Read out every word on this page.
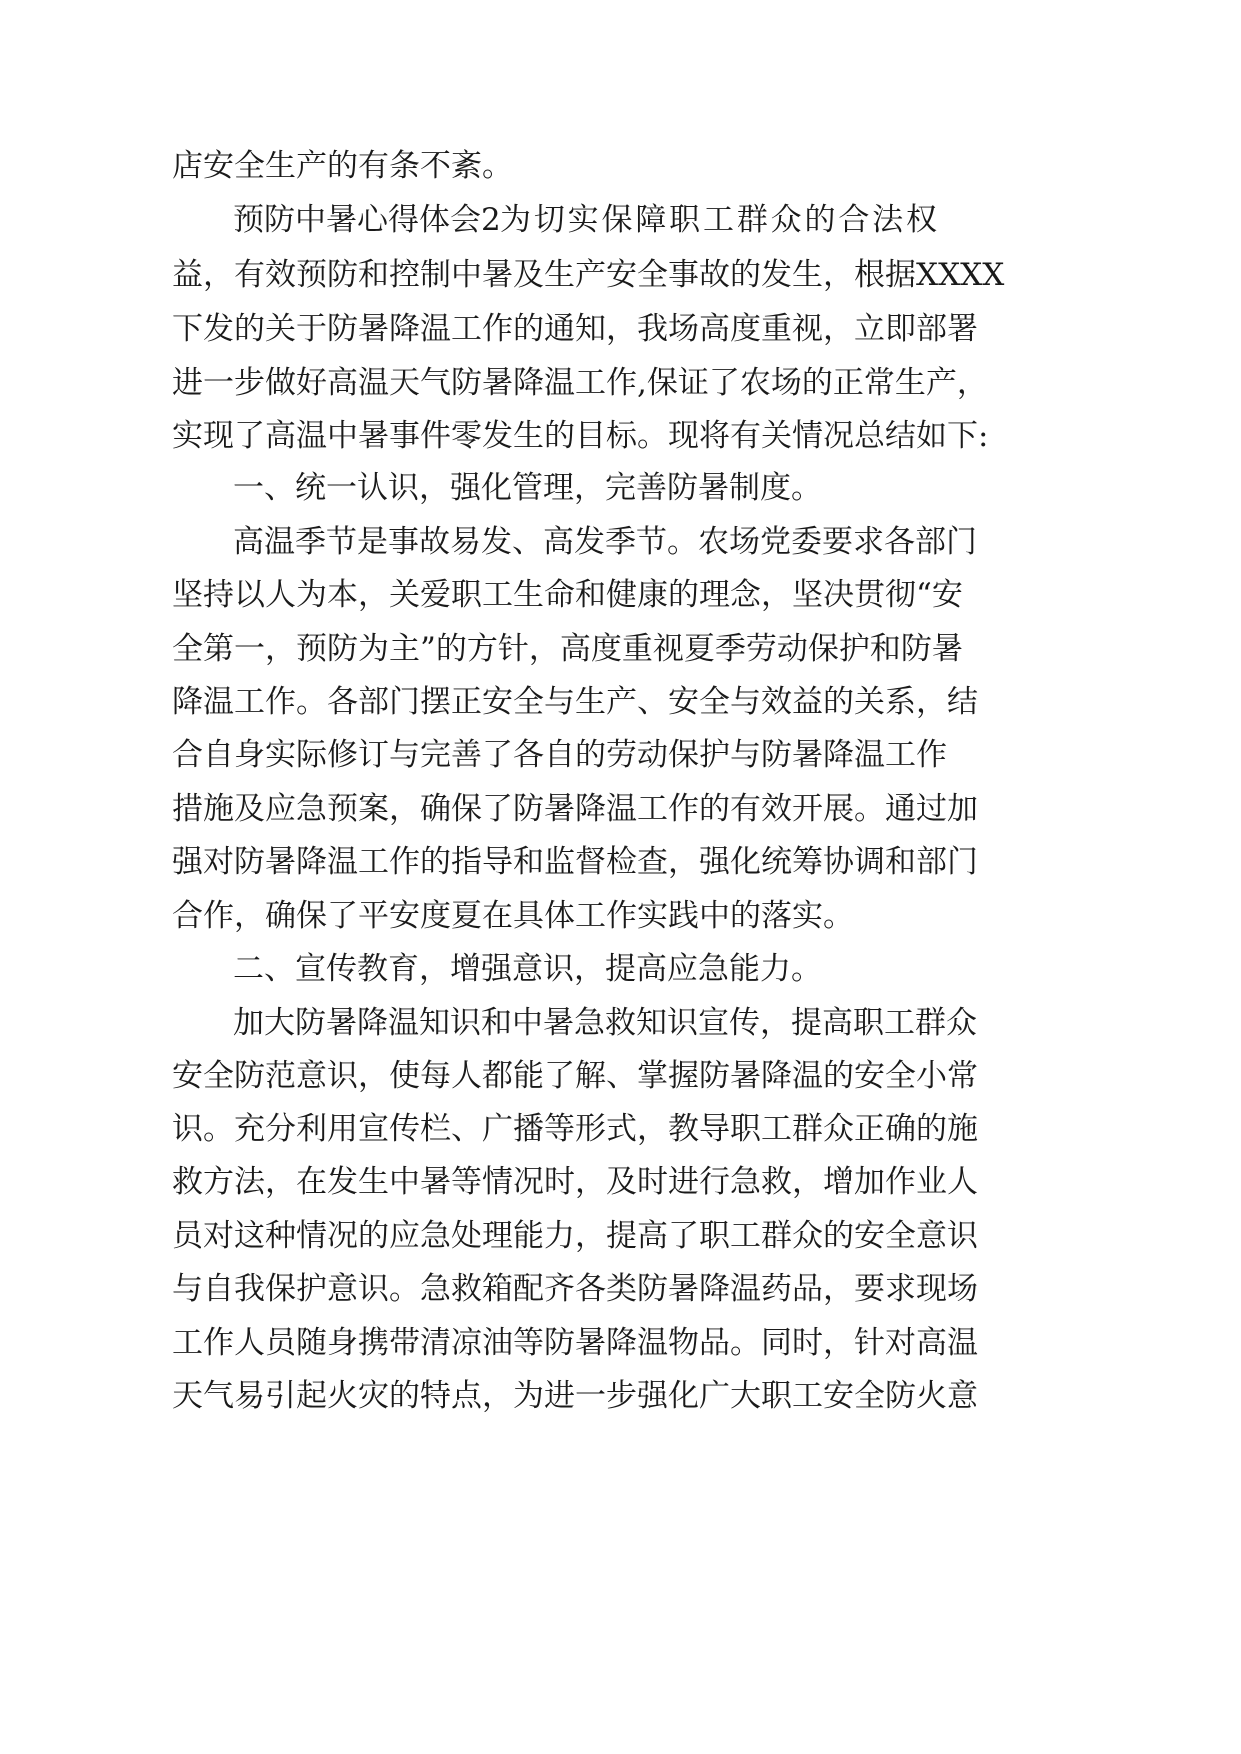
店安全生产的有条不紊。
预防中暑心得体会2 为切实保障职工群众的合法权
益，有效预防和控制中暑及生产安全事故的发生，根据XXXX
下发的关于防暑降温工作的通知，我场高度重视，立即部署
进一步做好高温天气防暑降温工作,保证了农场的正常生产，
实现了高温中暑事件零发生的目标。现将有关情况总结如下:
一、统一认识，强化管理，完善防暑制度。
高温季节是事故易发、高发季节。农场党委要求各部门
坚持以人为本，关爱职工生命和健康的理念，坚决贯彻“安
全第一，预防为主”的方针，高度重视夏季劳动保护和防暑
降温工作。各部门摆正安全与生产、安全与效益的关系，结
合自身实际修订与完善了各自的劳动保护与防暑降温工作
措施及应急预案，确保了防暑降温工作的有效开展。通过加
强对防暑降温工作的指导和监督检查，强化统筹协调和部门
合作，确保了平安度夏在具体工作实践中的落实。
二、宣传教育，增强意识，提高应急能力。
加大防暑降温知识和中暑急救知识宣传，提高职工群众
安全防范意识，使每人都能了解、掌握防暑降温的安全小常
识。充分利用宣传栏、广播等形式，教导职工群众正确的施
救方法，在发生中暑等情况时，及时进行急救，增加作业人
员对这种情况的应急处理能力，提高了职工群众的安全意识
与自我保护意识。急救箱配齐各类防暑降温药品，要求现场
工作人员随身携带清凉油等防暑降温物品。同时，针对高温
天气易引起火灾的特点，为进一步强化广大职工安全防火意
